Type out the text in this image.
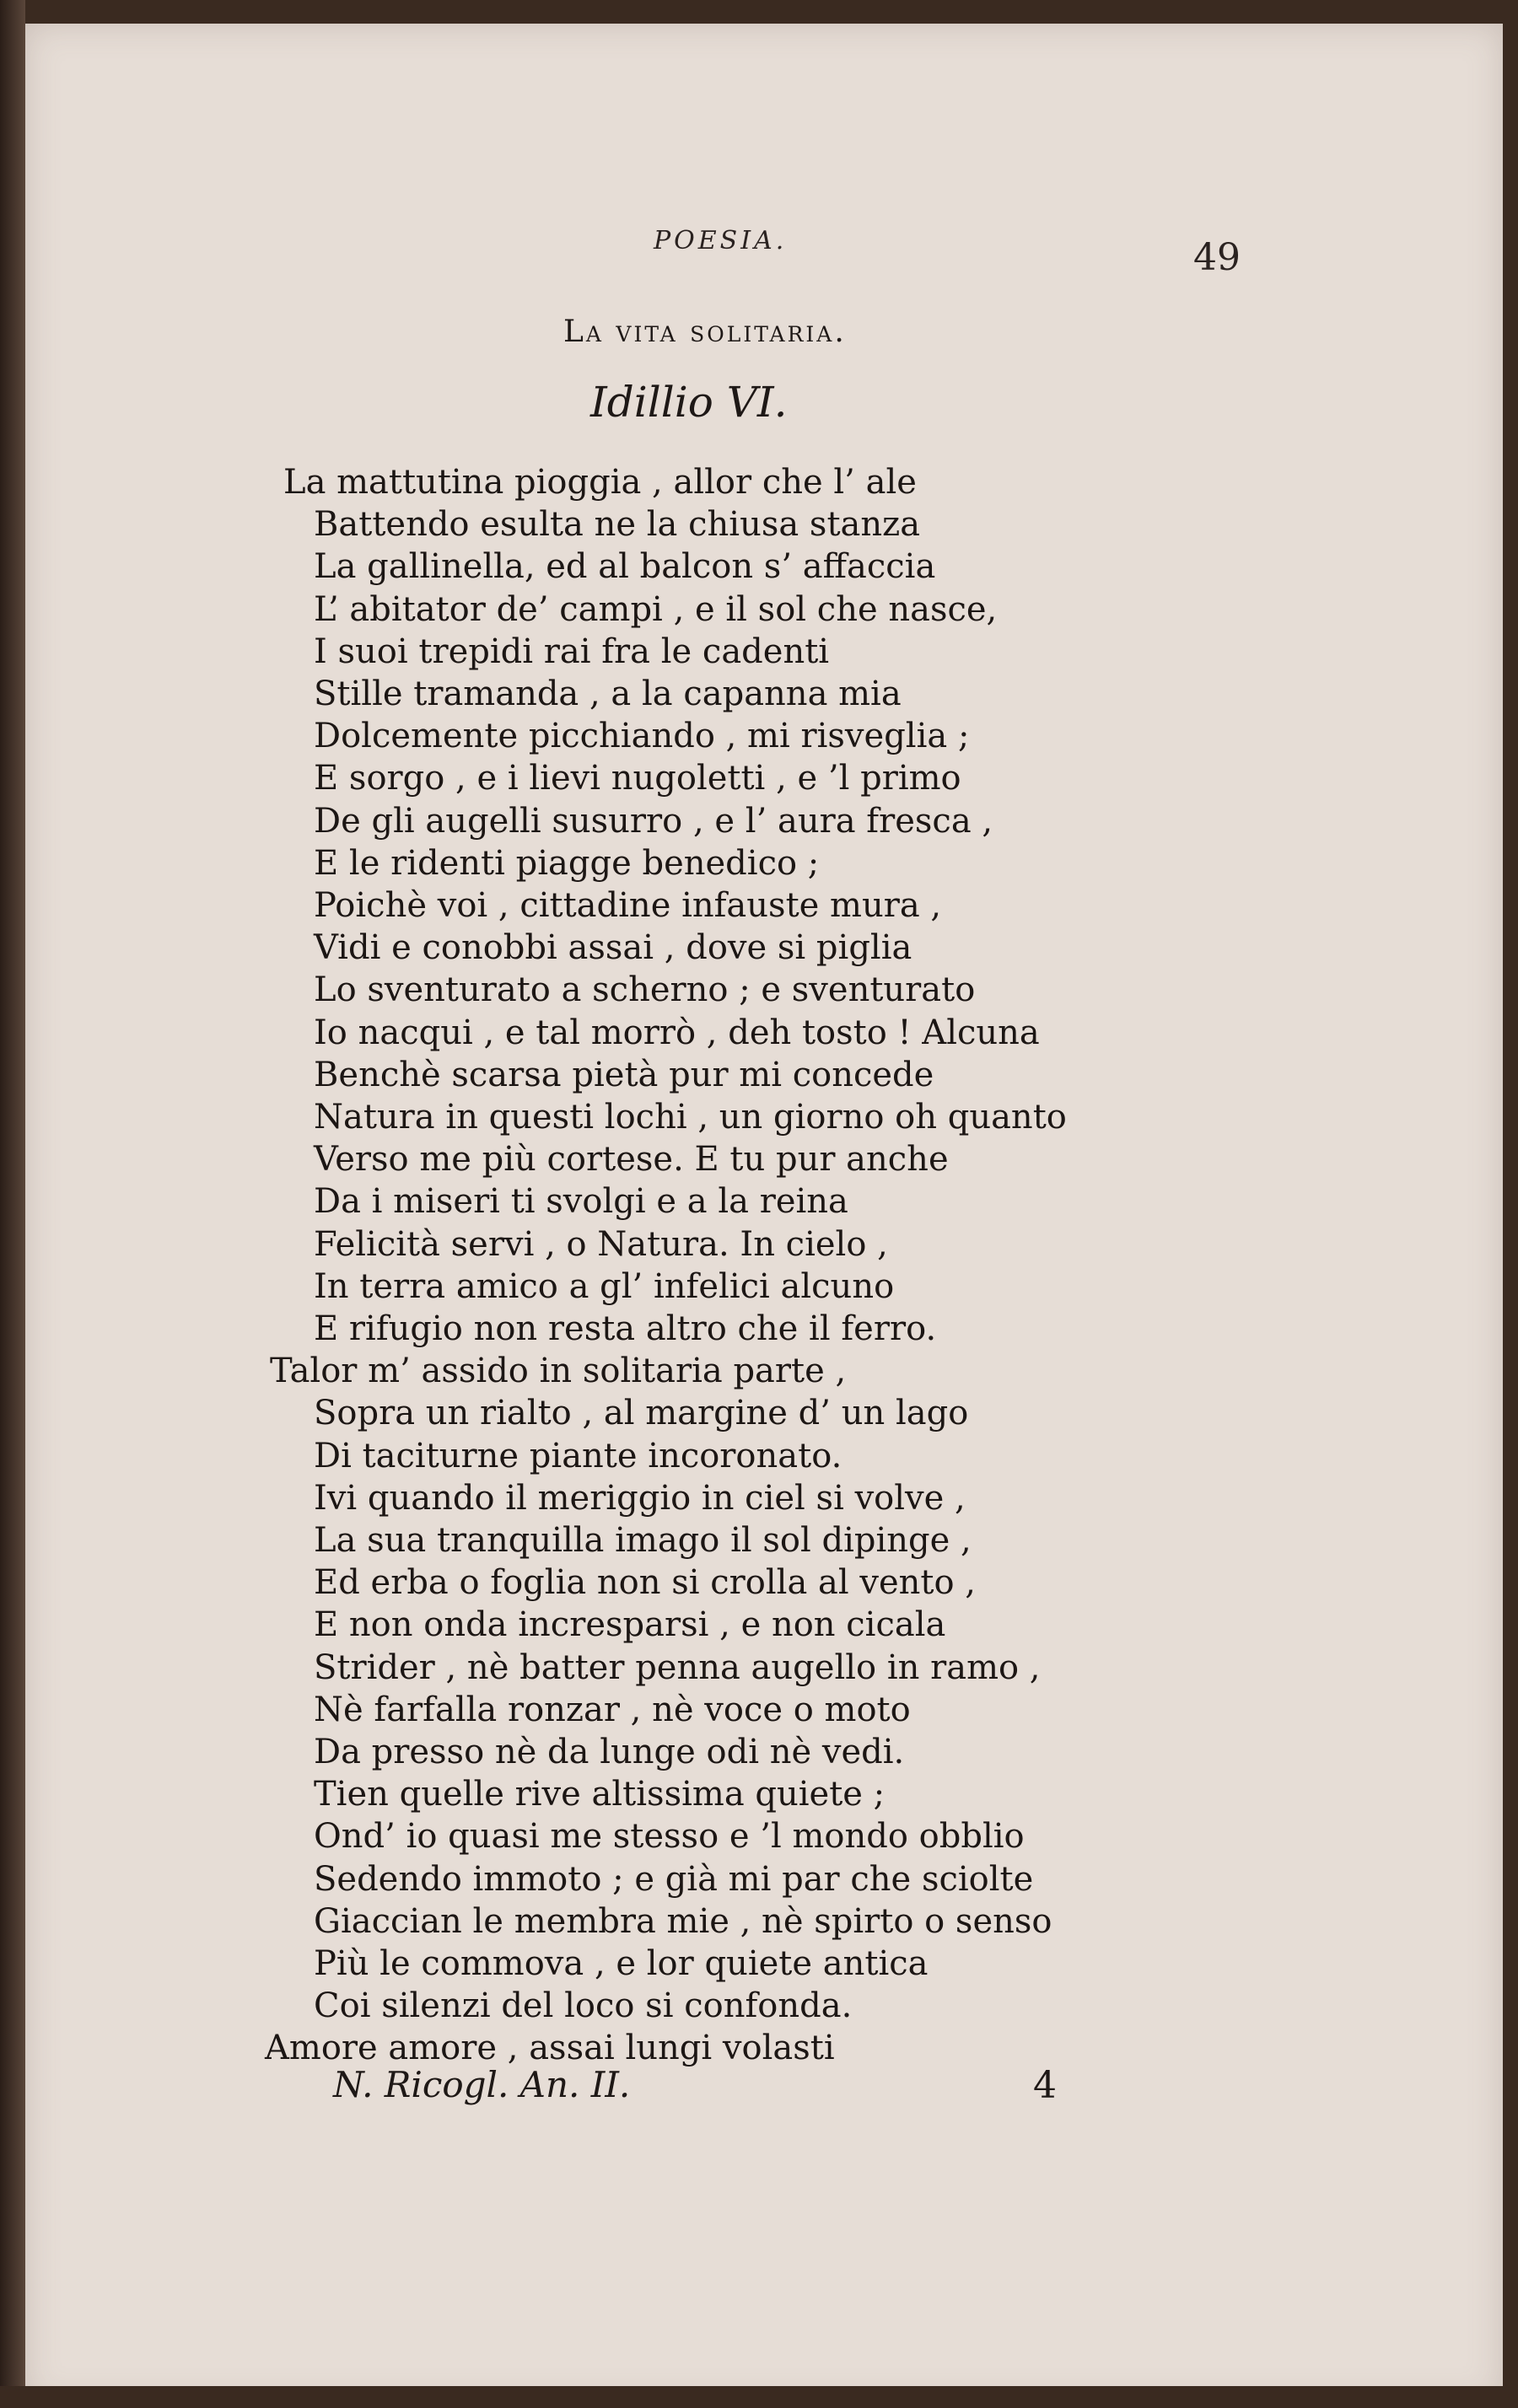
POESIA.	49
La vita solitaria.
Idillio VI.
La mattutina pioggia , allor che l’ ale
Battendo esulta ne la chiusa stanza
La gallinella, ed al balcon s’ affaccia
L’ abitator de’ campi , e il sol che nasce,
I suoi trepidi rai fra le cadenti
Stille tramanda , a la capanna mia
Dolcemente picchiando , mi risveglia ;
E sorgo , e i lievi nugoletti , e ’l primo
De gli augelli susurro , e l’ aura fresca ,
E le ridenti piagge benedico ;
Poichè voi , cittadine infauste mura ,
Vidi e conobbi assai , dove si piglia
Lo sventurato a scherno ; e sventurato
Io nacqui , e tal morrò , deh tosto ! Alcuna
Benchè scarsa pietà pur mi concede
Natura in questi lochi , un giorno oh quanto
Verso me più cortese. E tu pur anche
Da i miseri ti svolgi e a la reina
Felicità servi , o Natura. In cielo ,
In terra amico a gl’ infelici alcuno
E rifugio non resta altro che il ferro.
Talor m’ assido in solitaria parte ,
Sopra un rialto , al margine d’ un lago
Di taciturne piante incoronato.
Ivi quando il meriggio in ciel si volve ,
La sua tranquilla imago il sol dipinge ,
Ed erba o foglia non si crolla al vento ,
E non onda incresparsi , e non cicala
Strider , nè batter penna augello in ramo ,
Nè farfalla ronzar , nè voce o moto
Da presso nè da lunge odi nè vedi.
Tien quelle rive altissima quiete ;
Ond’ io quasi me stesso e ’l mondo obblio
Sedendo immoto ; e già mi par che sciolte
Giaccian le membra mie , nè spirto o senso
Più le commova , e lor quiete antica
Coi silenzi del loco si confonda.
Amore amore , assai lungi volasti
N. Ricogl. An. II.	4
